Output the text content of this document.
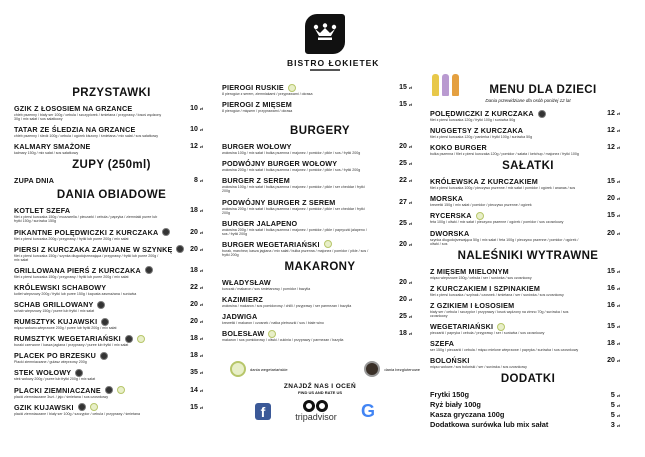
BISTRO ŁOKIETEK
PRZYSTAWKI
GZIK Z ŁOSOSIEM NA GRZANCE	10 zł
chleb pszenny / biały ser 100g / cebula / szczypiorek / śmietana / przyprawy / łosoś wędzony 30g / mix sałat / sos sałatkowy
TATAR ZE ŚLEDZIA NA GRZANCE	10 zł
chleb pszenny / śledź 100g / cebula / ogórek kiszony / śmietana / mix sałat / sos sałatkowy
KALMARY SMAŻONE	12 zł
kalmary 150g / mix sałat / sos sałatkowy
ZUPY (250ml)
ZUPA DNIA	8 zł
DANIA OBIADOWE
KOTLET SZEFA	18 zł
filet z piersi kurczaka 150g / mozzarella / pieczarki / cebula / papryka / ziemniaki puree lub frytki 150g / surówka 150g
PIKANTNE POLĘDWICZKI Z KURCZAKA	20 zł
filet z piersi kurczaka 200g / przyprawy / frytki lub puree 200g / mix sałat
PIERSI Z KURCZAKA ZAWIJANE W SZYNKĘ	20 zł
filet z piersi kurczaka 150g / szynka długodojrzewająca / przyprawy / frytki lub puree 200g / mix sałat
GRILLOWANA PIERŚ Z KURCZAKA	18 zł
filet z piersi kurczaka 150g / przyprawy / frytki lub puree 200g / mix sałat
KRÓLEWSKI SCHABOWY	22 zł
kotlet wieprzowy 200g / frytki lub puree 150g / kapusta zasmażana / surówka
SCHAB GRILLOWANY	20 zł
schab wieprzowy 150g / puree lub frytki / mix sałat
RUMSZTYK KUJAWSKI	20 zł
mięso wołowo-wieprzowe 200g / puree lub frytki 200g / mix sałat
RUMSZTYK WEGETARIAŃSKI	18 zł
buraki czerwone / kasza jaglana / przyprawy / puree lub frytki / mix sałat
PLACEK PO BRZESKU	18 zł
Placki ziemniaczane / gulasz wieprzowy 200g
STEK WOŁOWY	35 zł
stek wołowy 200g / puree lub frytki 200g / mix sałat
PLACKI ZIEMNIACZANE	14 zł
placki ziemniaczane 3szt. / jajo / śmietana / sos czosnkowy
GZIK KUJAWSKI	15 zł
placki ziemniaczane / biały ser 100g / szczypior / cebula / przyprawy / śmietana
PIEROGI RUSKIE	15 zł
8 pierogów z serem, ziemniakami / przyprawami / okrasa
PIEROGI Z MIĘSEM	15 zł
8 pierogów / mięsem / przyprawami / okrasa
BURGERY
BURGER WOŁOWY	20 zł
wołowina 100g / mix sałat / bułka pszenna / majonez / pomidor / pikle / sos / frytki 200g
PODWÓJNY BURGER WOŁOWY	25 zł
wołowina 200g / mix sałat / bułka pszenna / majonez / pomidor / pikle / sos / frytki 200g
BURGER Z SEREM	22 zł
wołowina 100g / mix sałat / bułka pszenna / majonez / pomidor / pikle / ser cheddar / frytki 200g
PODWÓJNY BURGER Z SEREM	27 zł
wołowina 200g / mix sałat / bułka pszenna / majonez / pomidor / pikle / ser cheddar / frytki 200g
BURGER JALAPENO	25 zł
wołowina 200g / mix sałat / bułka pszenna / majonez / pomidor / pikle / papryczki jalapeno / sos / frytki 200g
BURGER WEGETARIAŃSKI	20 zł
burak, marchew, kasza jaglana / mix sałat / bułka pszenna / majonez / pomidor / pikle / sos / frytki 200g
MAKARONY
WŁADYSŁAW	20 zł
kurczak / makaron / sos śmietanowy / pomidor / bazylia
KAZIMIERZ	20 zł
wołowina / makaron / sos pomidorowy / chilli / przyprawy / ser parmezan / bazylia
JADWIGA	25 zł
krewetki / makaron / czosnek / natka pietruszki / sos / białe wino
BOLESŁAW	18 zł
makaron / sos pomidorowy / oliwki / cukinia / przyprawy / parmezan / bazylia
MENU DLA DZIECI
Dania przewidziane dla osób poniżej 12 lat
POLĘDWICZKI Z KURCZAKA	12 zł
filet z piersi kurczaka 120g / frytki 100g / surówka 50g
NUGGETSY Z KURCZAKA	12 zł
filet z piersi kurczaka 120g / panierka / frytki 100g / surówka 50g
KOKO BURGER	12 zł
bułka pszenna / filet z piersi kurczaka 120g / pomidor / sałata / ketchup / majonez / frytki 100g
SAŁATKI
KRÓLEWSKA Z KURCZAKIEM	15 zł
filet z piersi kurczaka 100g / pieczywo pszenne / mix sałat / pomidor / ogórek / ananas / sos
MORSKA	20 zł
krewetki 150g / mix sałat / pomidor / pieczywo pszenne / ogórek
RYCERSKA	15 zł
feta 100g / oliwki / mix sałat / pieczywo pszenne / ogórek / pomidor / sos czosnkowy
DWORSKA	20 zł
szynka długodojrzewająca 50g / mix sałat / feta 100g / pieczywo pszenne / pomidor / ogórek / oliwki / sos
NALEŚNIKI WYTRAWNE
Z MIĘSEM MIELONYM	15 zł
mięso wieprzowe 150g / cebula / ser / surówka / sos czosnkowy
Z KURCZAKIEM I SZPINAKIEM	16 zł
filet z piersi kurczaka / szpinak / czosnek / śmietana / ser / surówka / sos czosnkowy
Z GZIKIEM I ŁOSOSIEM	16 zł
biały ser / cebula / szczypior / przyprawy / łosoś wędzony na zimno 70g / surówka / sos czosnkowy
WEGETARIAŃSKI	15 zł
pieczarki / papryka / cebula / przyprawy / ser / surówka / sos czosnkowy
SZEFA	18 zł
ser 150g / pieczarki / cebula / mięso mielone wieprzowe / papryka / surówka / sos czosnkowy
BOLOŃSKI	20 zł
mięso wołowe / sos boloński / ser / surówka / sos czosnkowy
DODATKI
Frytki 150g	5 zł
Ryż biały 100g	5 zł
Kasza gryczana 100g	5 zł
Dodatkowa surówka lub mix sałat	3 zł
dania wegetariańskie	dania bezglutenowe
ZNAJDŹ NAS I OCEŃ

FIND US AND RATE US

f	tripadvisor G
